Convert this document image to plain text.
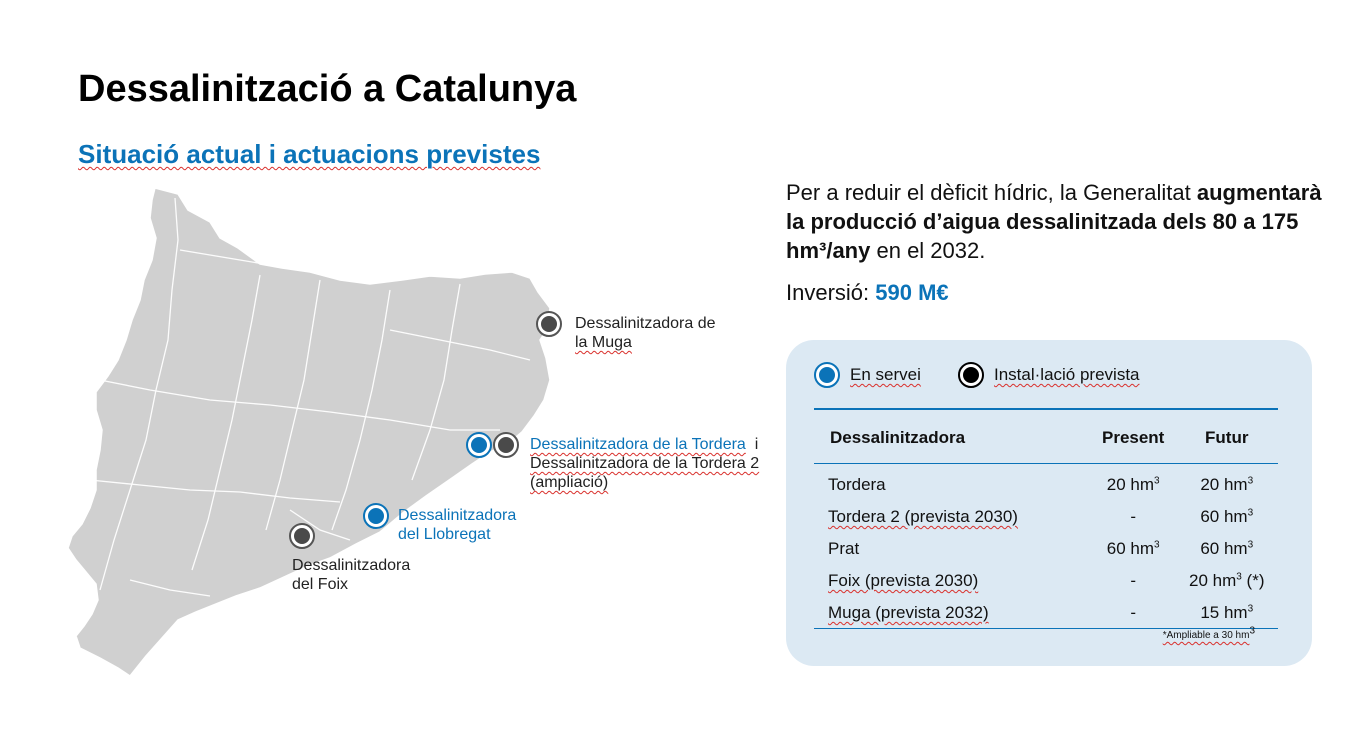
Dessalinització a Catalunya
Situació actual i actuacions previstes
Dessalinitzadora de
la Muga
Dessalinitzadora de la Tordera i
Dessalinitzadora de la Tordera 2
(ampliació)
Dessalinitzadora
del Llobregat
Dessalinitzadora
del Foix
Per a reduir el dèficit hídric, la Generalitat augmentarà la producció d’aigua dessalinitzada dels 80 a 175 hm³/any en el 2032.
Inversió: 590 M€
En servei	Instal·lació prevista
Dessalinitzadora	Present	Futur
Tordera	20 $hm^3$	20 $hm^3$
Tordera 2 (prevista 2030)	-	60 $hm^3$
Prat	60 $hm^3$	60 $hm^3$
Foix (prevista 2030)	-	20 $hm^3$ (*)
Muga (prevista 2032)	-	15 $hm^3$
*Ampliable a 30 $hm^3$
